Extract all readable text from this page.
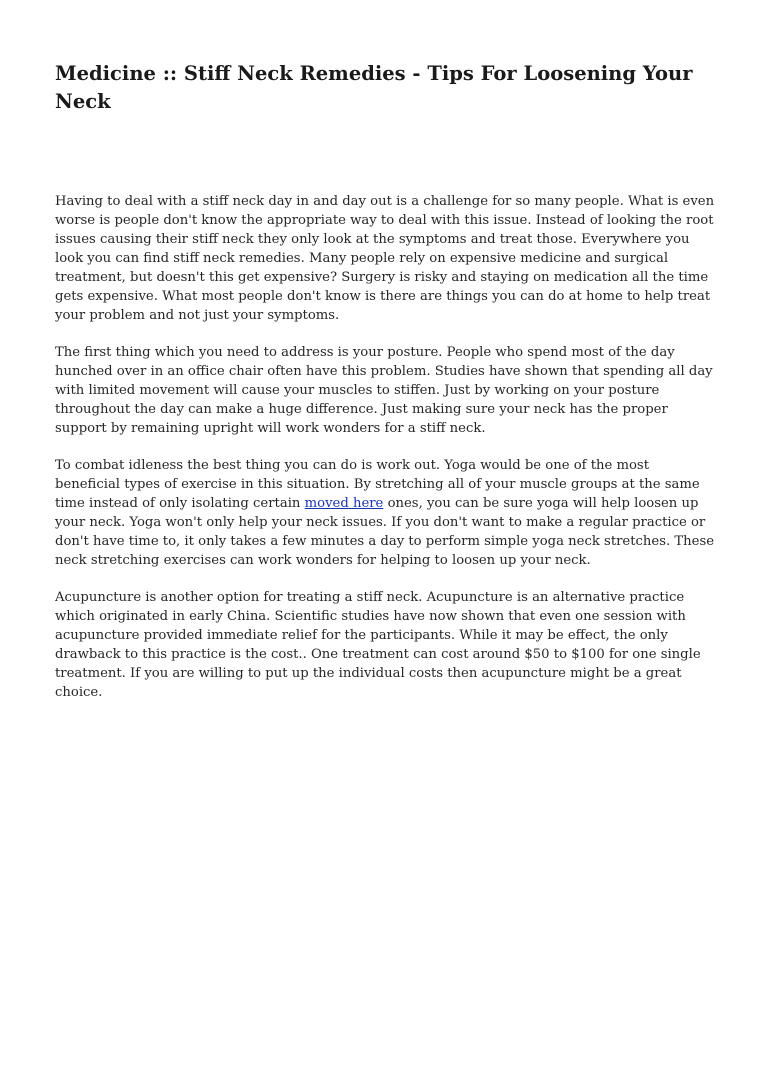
Medicine :: Stiff Neck Remedies - Tips For Loosening Your Neck

Having to deal with a stiff neck day in and day out is a challenge for so many people. What is even worse is people don't know the appropriate way to deal with this issue. Instead of looking the root issues causing their stiff neck they only look at the symptoms and treat those. Everywhere you look you can find stiff neck remedies. Many people rely on expensive medicine and surgical treatment, but doesn't this get expensive? Surgery is risky and staying on medication all the time gets expensive. What most people don't know is there are things you can do at home to help treat your problem and not just your symptoms.

The first thing which you need to address is your posture. People who spend most of the day hunched over in an office chair often have this problem. Studies have shown that spending all day with limited movement will cause your muscles to stiffen. Just by working on your posture throughout the day can make a huge difference. Just making sure your neck has the proper support by remaining upright will work wonders for a stiff neck.

To combat idleness the best thing you can do is work out. Yoga would be one of the most beneficial types of exercise in this situation. By stretching all of your muscle groups at the same time instead of only isolating certain moved here ones, you can be sure yoga will help loosen up your neck. Yoga won't only help your neck issues. If you don't want to make a regular practice or don't have time to, it only takes a few minutes a day to perform simple yoga neck stretches. These neck stretching exercises can work wonders for helping to loosen up your neck.

Acupuncture is another option for treating a stiff neck. Acupuncture is an alternative practice which originated in early China. Scientific studies have now shown that even one session with acupuncture provided immediate relief for the participants. While it may be effect, the only drawback to this practice is the cost.. One treatment can cost around $50 to $100 for one single treatment. If you are willing to put up the individual costs then acupuncture might be a great choice.
